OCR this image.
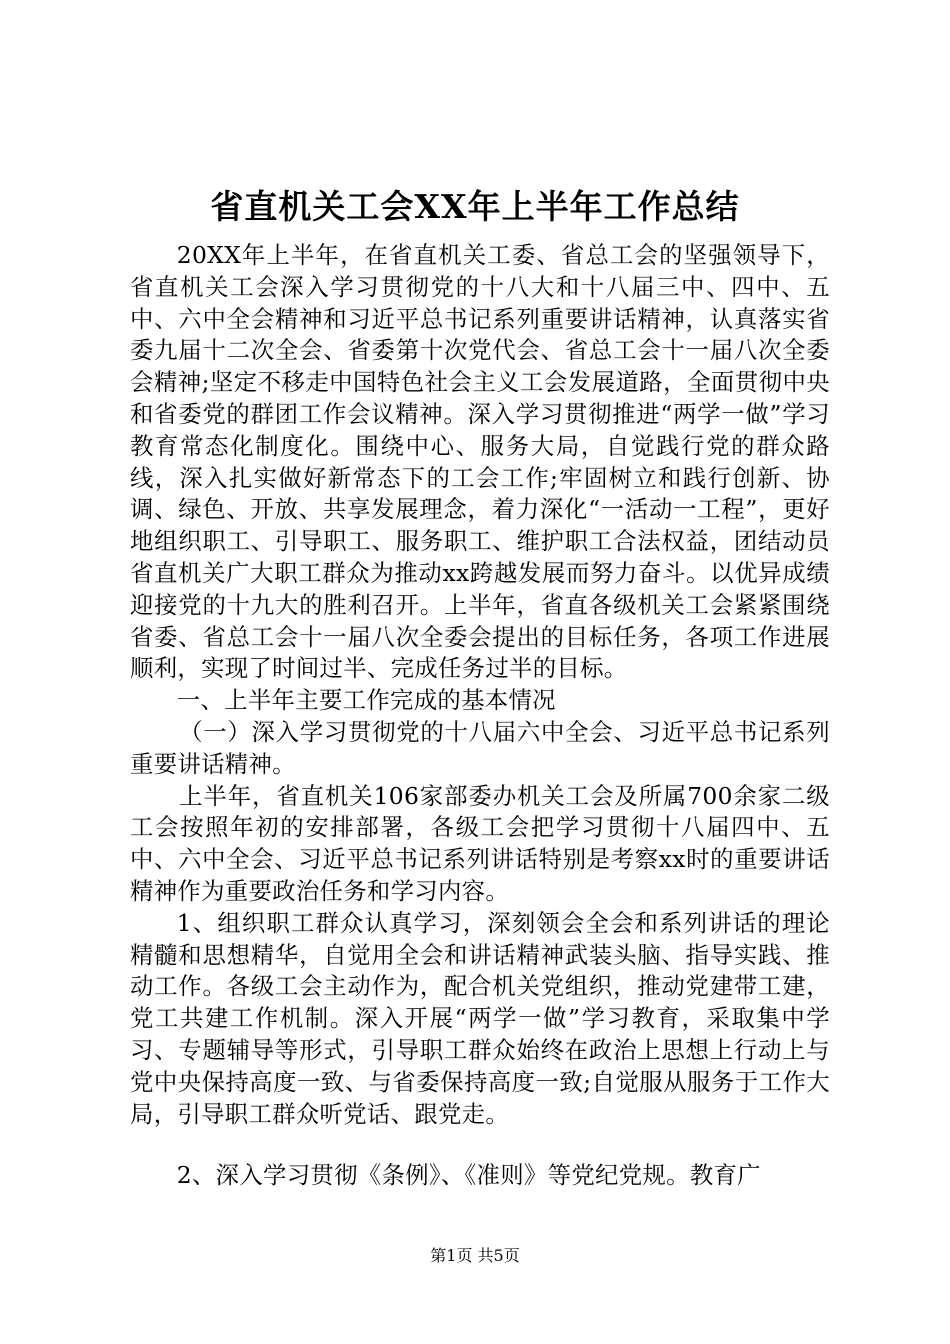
省直机关工会XX年上半年工作总结

20XX年上半年，在省直机关工委、省总工会的坚强领导下，省直机关工会深入学习贯彻党的十八大和十八届三中、四中、五中、六中全会精神和习近平总书记系列重要讲话精神，认真落实省委九届十二次全会、省委第十次党代会、省总工会十一届八次全委会精神;坚定不移走中国特色社会主义工会发展道路，全面贯彻中央和省委党的群团工作会议精神。深入学习贯彻推进“两学一做”学习教育常态化制度化。围绕中心、服务大局，自觉践行党的群众路线，深入扎实做好新常态下的工会工作;牢固树立和践行创新、协调、绿色、开放、共享发展理念，着力深化“一活动一工程”，更好地组织职工、引导职工、服务职工、维护职工合法权益，团结动员省直机关广大职工群众为推动xx跨越发展而努力奋斗。以优异成绩迎接党的十九大的胜利召开。上半年，省直各级机关工会紧紧围绕省委、省总工会十一届八次全委会提出的目标任务，各项工作进展顺利，实现了时间过半、完成任务过半的目标。

一、上半年主要工作完成的基本情况

（一）深入学习贯彻党的十八届六中全会、习近平总书记系列重要讲话精神。

上半年，省直机关106家部委办机关工会及所属700余家二级工会按照年初的安排部署，各级工会把学习贯彻十八届四中、五中、六中全会、习近平总书记系列讲话特别是考察xx时的重要讲话精神作为重要政治任务和学习内容。

1、组织职工群众认真学习，深刻领会全会和系列讲话的理论精髓和思想精华，自觉用全会和讲话精神武装头脑、指导实践、推动工作。各级工会主动作为，配合机关党组织，推动党建带工建，党工共建工作机制。深入开展“两学一做”学习教育，采取集中学习、专题辅导等形式，引导职工群众始终在政治上思想上行动上与党中央保持高度一致、与省委保持高度一致;自觉服从服务于工作大局，引导职工群众听党话、跟党走。

2、深入学习贯彻《条例》、《准则》等党纪党规。教育广

第1页 共5页
